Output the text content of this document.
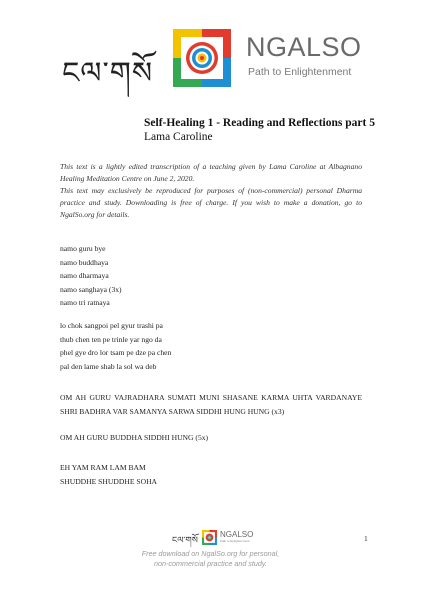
ངལ་གསོ
NGALSO
Path to Enlightenment
Self-Healing 1 - Reading and Reflections part 5
Lama Caroline

This text is a lightly edited transcription of a teaching given by Lama Caroline at Albagnano Healing Meditation Centre on June 2, 2020.

This text may exclusively be reproduced for purposes of (non-commercial) personal Dharma practice and study. Downloading is free of charge. If you wish to make a donation, go to NgalSo.org for details.

namo guru bye
namo buddhaya
namo dharmaya
namo sanghaya (3x)
namo tri ratnaya
lo chok sangpoi pel gyur trashi pa
thub chen ten pe trinle yar ngo da
phel gye dro lor tsam pe dze pa chen
pal den lame shab la sol wa deb

OM AH GURU VAJRADHARA SUMATI MUNI SHASANE KARMA UHTA VARDANAYE SHRI BADHRA VAR SAMANYA SARWA SIDDHI HUNG HUNG (x3)

OM AH GURU BUDDHA SIDDHI HUNG (5x)
EH YAM RAM LAM BAM
SHUDDHE SHUDDHE SOHA
ངལ་གསོ
NGALSO
Path to Enlightenment
Free download on NgalSo.org for personal,
non-commercial practice and study.
1
